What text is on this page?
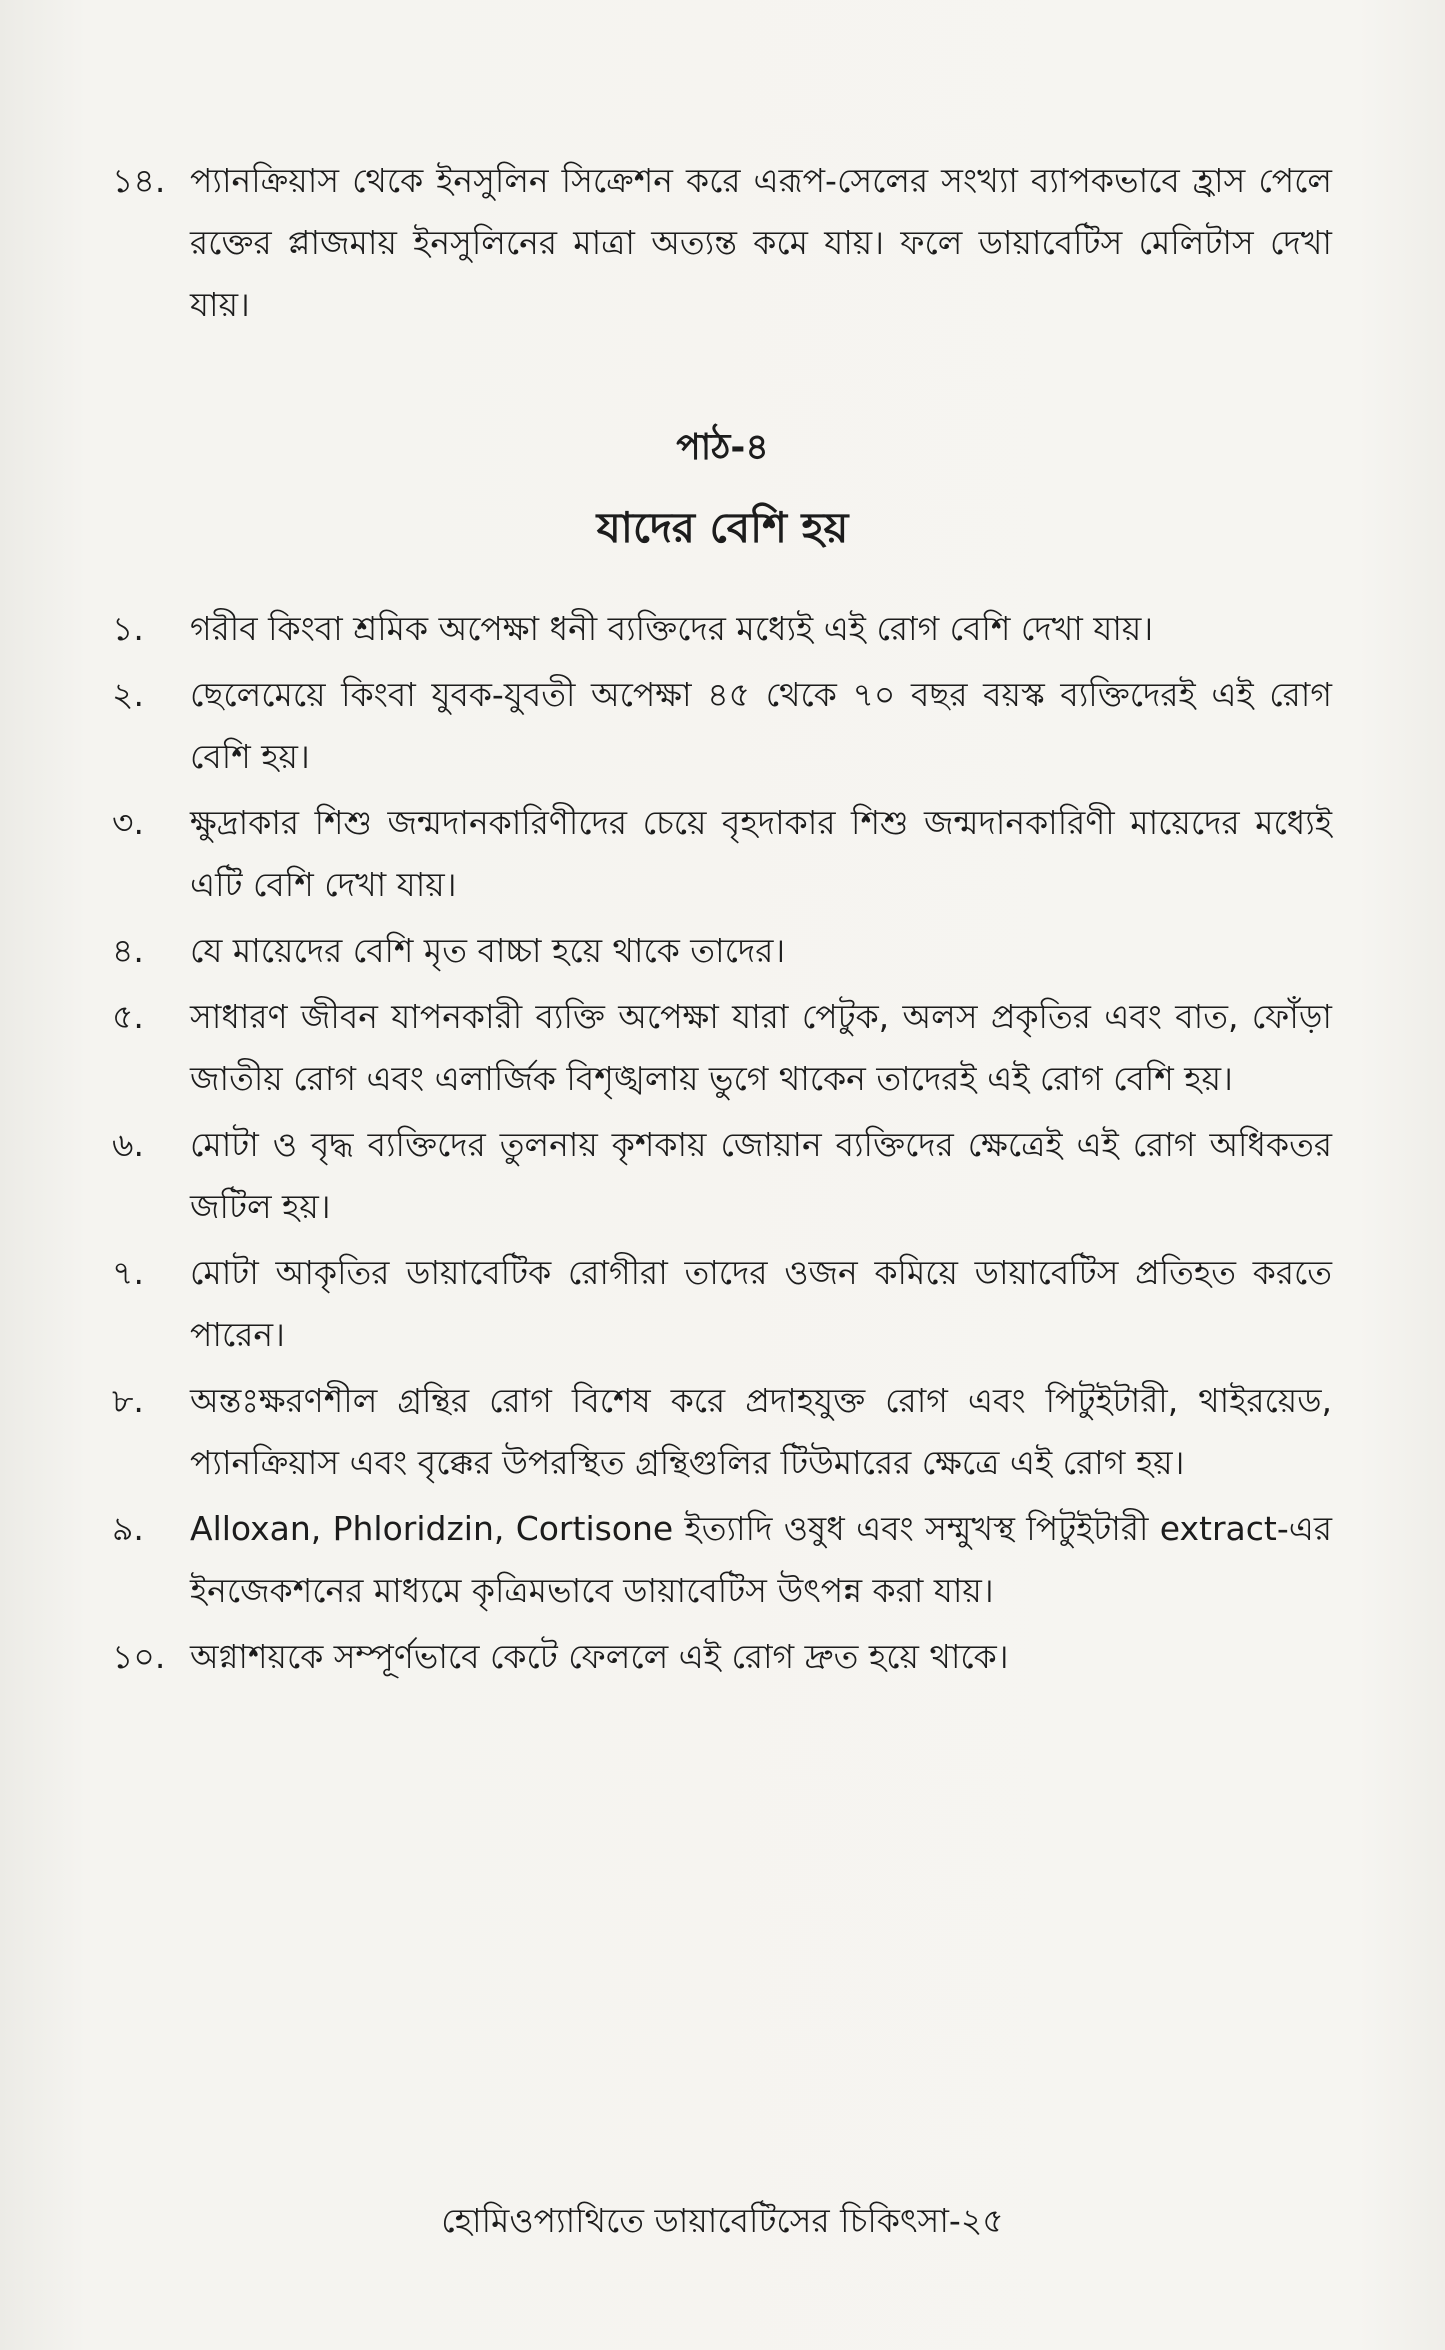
১৪. প্যানক্রিয়াস থেকে ইনসুলিন সিক্রেশন করে এরূপ-সেলের সংখ্যা ব্যাপকভাবে হ্রাস পেলে রক্তের প্লাজমায় ইনসুলিনের মাত্রা অত্যন্ত কমে যায়। ফলে ডায়াবেটিস মেলিটাস দেখা যায়।
পাঠ-৪
যাদের বেশি হয়
১.	গরীব কিংবা শ্রমিক অপেক্ষা ধনী ব্যক্তিদের মধ্যেই এই রোগ বেশি দেখা যায়।
২.	ছেলেমেয়ে কিংবা যুবক-যুবতী অপেক্ষা ৪৫ থেকে ৭০ বছর বয়স্ক ব্যক্তিদেরই এই রোগ বেশি হয়।
৩.	ক্ষুদ্রাকার শিশু জন্মদানকারিণীদের চেয়ে বৃহদাকার শিশু জন্মদানকারিণী মায়েদের মধ্যেই এটি বেশি দেখা যায়।
৪.	যে মায়েদের বেশি মৃত বাচ্চা হয়ে থাকে তাদের।
৫.	সাধারণ জীবন যাপনকারী ব্যক্তি অপেক্ষা যারা পেটুক, অলস প্রকৃতির এবং বাত, ফোঁড়া জাতীয় রোগ এবং এলার্জিক বিশৃঙ্খলায় ভুগে থাকেন তাদেরই এই রোগ বেশি হয়।
৬.	মোটা ও বৃদ্ধ ব্যক্তিদের তুলনায় কৃশকায় জোয়ান ব্যক্তিদের ক্ষেত্রেই এই রোগ অধিকতর জটিল হয়।
৭.	মোটা আকৃতির ডায়াবেটিক রোগীরা তাদের ওজন কমিয়ে ডায়াবেটিস প্রতিহত করতে পারেন।
৮.	অন্তঃক্ষরণশীল গ্রন্থির রোগ বিশেষ করে প্রদাহযুক্ত রোগ এবং পিটুইটারী, থাইরয়েড, প্যানক্রিয়াস এবং বৃক্কের উপরস্থিত গ্রন্থিগুলির টিউমারের ক্ষেত্রে এই রোগ হয়।
৯.	Alloxan, Phloridzin, Cortisone ইত্যাদি ওষুধ এবং সম্মুখস্থ পিটুইটারী extract-এর ইনজেকশনের মাধ্যমে কৃত্রিমভাবে ডায়াবেটিস উৎপন্ন করা যায়।
১০. অগ্নাশয়কে সম্পূর্ণভাবে কেটে ফেললে এই রোগ দ্রুত হয়ে থাকে।
হোমিওপ্যাথিতে ডায়াবেটিসের চিকিৎসা-২৫
